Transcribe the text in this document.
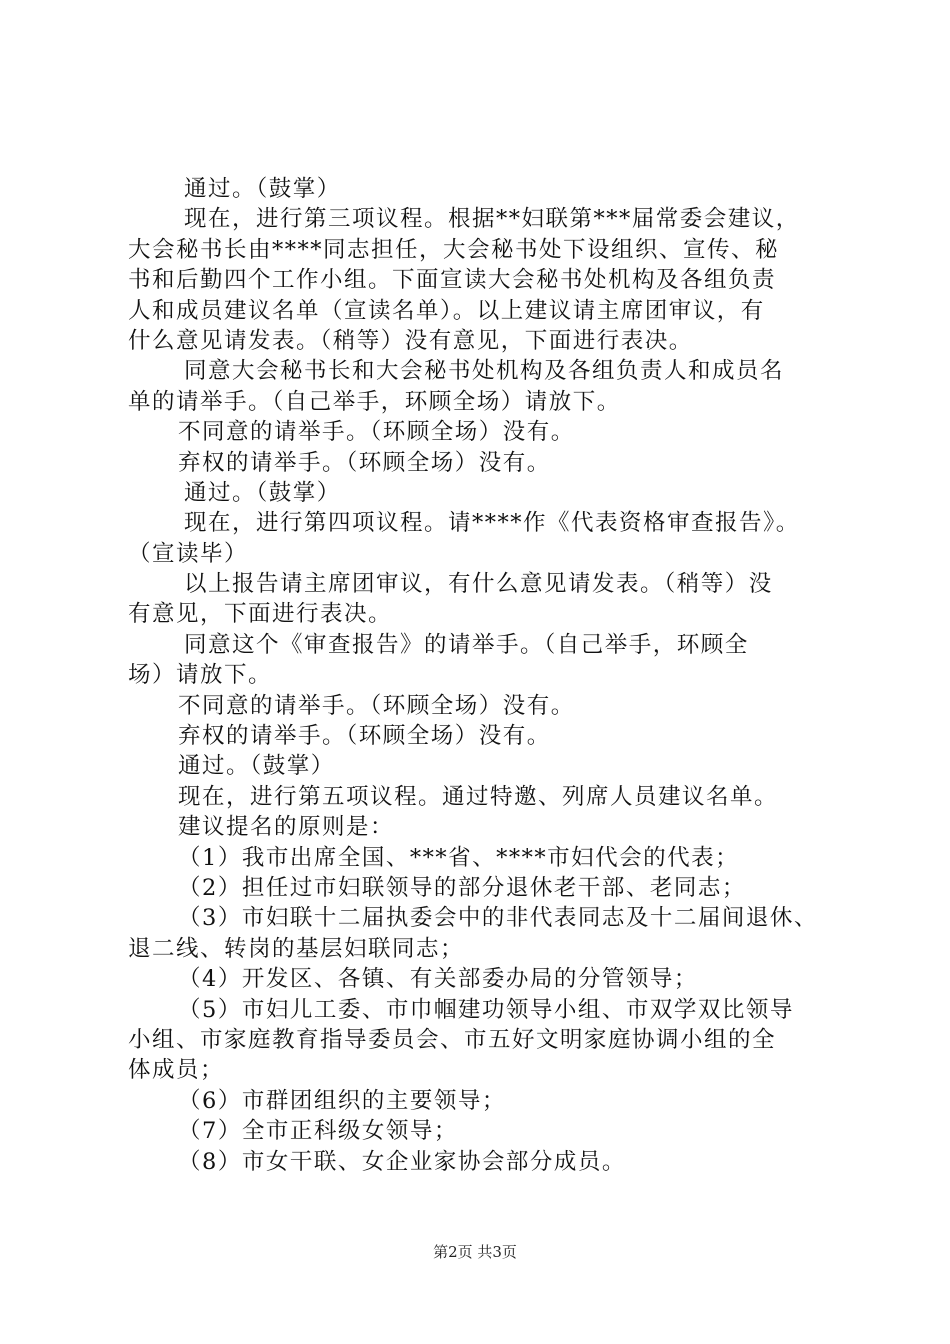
通过。（鼓掌）
现在，进行第三项议程。根据**妇联第***届常委会建议，
大会秘书长由****同志担任，大会秘书处下设组织、宣传、秘
书和后勤四个工作小组。下面宣读大会秘书处机构及各组负责
人和成员建议名单（宣读名单）。以上建议请主席团审议，有
什么意见请发表。（稍等）没有意见，下面进行表决。
同意大会秘书长和大会秘书处机构及各组负责人和成员名
单的请举手。（自己举手，环顾全场）请放下。
不同意的请举手。（环顾全场）没有。
弃权的请举手。（环顾全场）没有。
通过。（鼓掌）
现在，进行第四项议程。请****作《代表资格审查报告》。
（宣读毕）
以上报告请主席团审议，有什么意见请发表。（稍等）没
有意见，下面进行表决。
同意这个《审查报告》的请举手。（自己举手，环顾全
场）请放下。
不同意的请举手。（环顾全场）没有。
弃权的请举手。（环顾全场）没有。
通过。（鼓掌）
现在，进行第五项议程。通过特邀、列席人员建议名单。
建议提名的原则是：
（1）我市出席全国、***省、****市妇代会的代表；
（2）担任过市妇联领导的部分退休老干部、老同志；
（3）市妇联十二届执委会中的非代表同志及十二届间退休、
退二线、转岗的基层妇联同志；
（4）开发区、各镇、有关部委办局的分管领导；
（5）市妇儿工委、市巾帼建功领导小组、市双学双比领导
小组、市家庭教育指导委员会、市五好文明家庭协调小组的全
体成员；
（6）市群团组织的主要领导；
（7）全市正科级女领导；
（8）市女干联、女企业家协会部分成员。
第2页 共3页
